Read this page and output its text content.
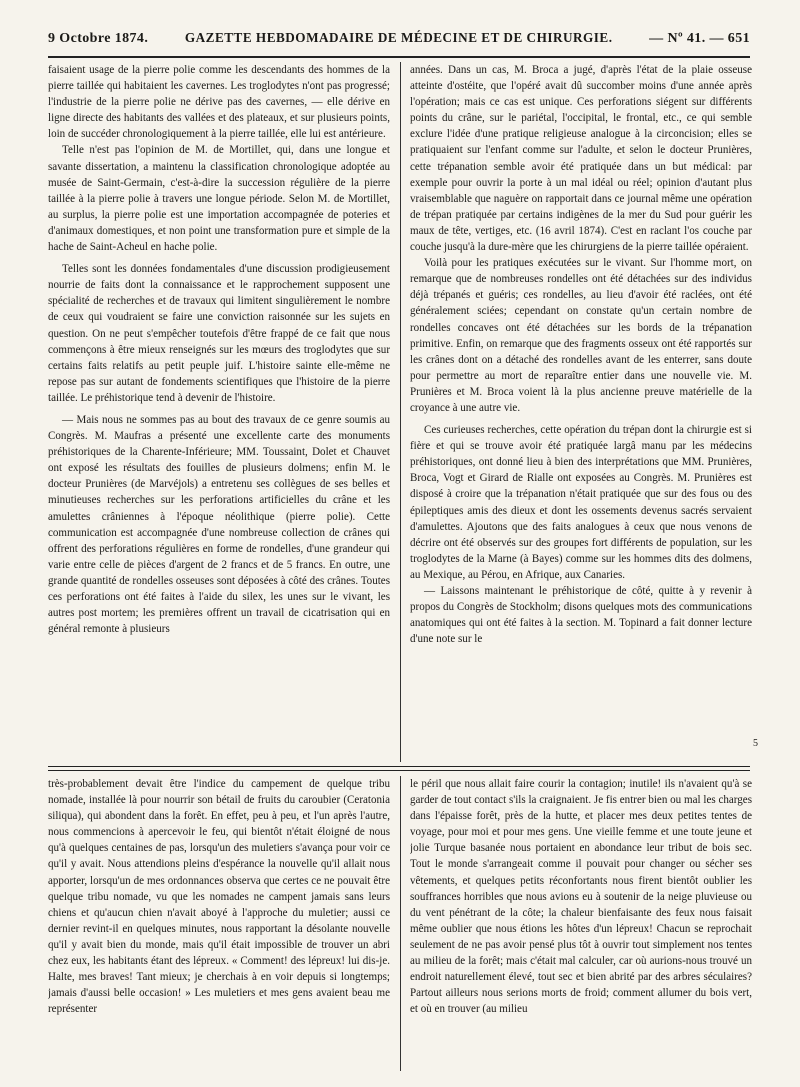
9 Octobre 1874.	GAZETTE HEBDOMADAIRE DE MÉDECINE ET DE CHIRURGIE.	— Nº 41. — 651

faisaient usage de la pierre polie comme les descendants des hommes de la pierre taillée qui habitaient les cavernes. Les troglodytes n'ont pas progressé; l'industrie de la pierre polie ne dérive pas des cavernes, — elle dérive en ligne directe des habitants des vallées et des plateaux, et sur plusieurs points, loin de succéder chronologiquement à la pierre taillée, elle lui est antérieure.

Telle n'est pas l'opinion de M. de Mortillet, qui, dans une longue et savante dissertation, a maintenu la classification chronologique adoptée au musée de Saint-Germain, c'est-à-dire la succession régulière de la pierre taillée à la pierre polie à travers une longue période. Selon M. de Mortillet, au surplus, la pierre polie est une importation accompagnée de poteries et d'animaux domestiques, et non point une transformation pure et simple de la hache de Saint-Acheul en hache polie.

Telles sont les données fondamentales d'une discussion prodigieusement nourrie de faits dont la connaissance et le rapprochement supposent une spécialité de recherches et de travaux qui limitent singulièrement le nombre de ceux qui voudraient se faire une conviction raisonnée sur les sujets en question. On ne peut s'empêcher toutefois d'être frappé de ce fait que nous commençons à être mieux renseignés sur les mœurs des troglodytes que sur certains faits relatifs au petit peuple juif. L'histoire sainte elle-même ne repose pas sur autant de fondements scientifiques que l'histoire de la pierre taillée. Le préhistorique tend à devenir de l'histoire.

— Mais nous ne sommes pas au bout des travaux de ce genre soumis au Congrès. M. Maufras a présenté une excellente carte des monuments préhistoriques de la Charente-Inférieure; MM. Toussaint, Dolet et Chauvet ont exposé les résultats des fouilles de plusieurs dolmens; enfin M. le docteur Prunières (de Marvéjols) a entretenu ses collègues de ses belles et minutieuses recherches sur les perforations artificielles du crâne et les amulettes crâniennes à l'époque néolithique (pierre polie). Cette communication est accompagnée d'une nombreuse collection de crânes qui offrent des perforations régulières en forme de rondelles, d'une grandeur qui varie entre celle de pièces d'argent de 2 francs et de 5 francs. En outre, une grande quantité de rondelles osseuses sont déposées à côté des crânes. Toutes ces perforations ont été faites à l'aide du silex, les unes sur le vivant, les autres post mortem; les premières offrent un travail de cicatrisation qui en général remonte à plusieurs

années. Dans un cas, M. Broca a jugé, d'après l'état de la plaie osseuse atteinte d'ostéite, que l'opéré avait dû succomber moins d'une année après l'opération; mais ce cas est unique. Ces perforations siégent sur différents points du crâne, sur le pariétal, l'occipital, le frontal, etc., ce qui semble exclure l'idée d'une pratique religieuse analogue à la circoncision; elles se pratiquaient sur l'enfant comme sur l'adulte, et selon le docteur Prunières, cette trépanation semble avoir été pratiquée dans un but médical: par exemple pour ouvrir la porte à un mal idéal ou réel; opinion d'autant plus vraisemblable que naguère on rapportait dans ce journal même une opération de trépan pratiquée par certains indigènes de la mer du Sud pour guérir les maux de tête, vertiges, etc. (16 avril 1874). C'est en raclant l'os couche par couche jusqu'à la dure-mère que les chirurgiens de la pierre taillée opéraient.

Voilà pour les pratiques exécutées sur le vivant. Sur l'homme mort, on remarque que de nombreuses rondelles ont été détachées sur des individus déjà trépanés et guéris; ces rondelles, au lieu d'avoir été raclées, ont été généralement sciées; cependant on constate qu'un certain nombre de rondelles concaves ont été détachées sur les bords de la trépanation primitive. Enfin, on remarque que des fragments osseux ont été rapportés sur les crânes dont on a détaché des rondelles avant de les enterrer, sans doute pour permettre au mort de reparaître entier dans une nouvelle vie. M. Prunières et M. Broca voient là la plus ancienne preuve matérielle de la croyance à une autre vie.

Ces curieuses recherches, cette opération du trépan dont la chirurgie est si fière et qui se trouve avoir été pratiquée largâ manu par les médecins préhistoriques, ont donné lieu à bien des interprétations que MM. Prunières, Broca, Vogt et Girard de Rialle ont exposées au Congrès. M. Prunières est disposé à croire que la trépanation n'était pratiquée que sur des fous ou des épileptiques amis des dieux et dont les ossements devenus sacrés servaient d'amulettes. Ajoutons que des faits analogues à ceux que nous venons de décrire ont été observés sur des groupes fort différents de population, sur les troglodytes de la Marne (à Bayes) comme sur les hommes dits des dolmens, au Mexique, au Pérou, en Afrique, aux Canaries.

— Laissons maintenant le préhistorique de côté, quitte à y revenir à propos du Congrès de Stockholm; disons quelques mots des communications anatomiques qui ont été faites à la section. M. Topinard a fait donner lecture d'une note sur le

5

très-probablement devait être l'indice du campement de quelque tribu nomade, installée là pour nourrir son bétail de fruits du caroubier (Ceratonia siliqua), qui abondent dans la forêt. En effet, peu à peu, et l'un après l'autre, nous commencions à apercevoir le feu, qui bientôt n'était éloigné de nous qu'à quelques centaines de pas, lorsqu'un des muletiers s'avança pour voir ce qu'il y avait. Nous attendions pleins d'espérance la nouvelle qu'il allait nous apporter, lorsqu'un de mes ordonnances observa que certes ce ne pouvait être quelque tribu nomade, vu que les nomades ne campent jamais sans leurs chiens et qu'aucun chien n'avait aboyé à l'approche du muletier; aussi ce dernier revint-il en quelques minutes, nous rapportant la désolante nouvelle qu'il y avait bien du monde, mais qu'il était impossible de trouver un abri chez eux, les habitants étant des lépreux. « Comment! des lépreux! lui dis-je. Halte, mes braves! Tant mieux; je cherchais à en voir depuis si longtemps; jamais d'aussi belle occasion! » Les muletiers et mes gens avaient beau me représenter

le péril que nous allait faire courir la contagion; inutile! ils n'avaient qu'à se garder de tout contact s'ils la craignaient. Je fis entrer bien ou mal les charges dans l'épaisse forêt, près de la hutte, et placer mes deux petites tentes de voyage, pour moi et pour mes gens. Une vieille femme et une toute jeune et jolie Turque basanée nous portaient en abondance leur tribut de bois sec. Tout le monde s'arrangeait comme il pouvait pour changer ou sécher ses vêtements, et quelques petits réconfortants nous firent bientôt oublier les souffrances horribles que nous avions eu à soutenir de la neige pluvieuse ou du vent pénétrant de la côte; la chaleur bienfaisante des feux nous faisait même oublier que nous étions les hôtes d'un lépreux! Chacun se reprochait seulement de ne pas avoir pensé plus tôt à ouvrir tout simplement nos tentes au milieu de la forêt; mais c'était mal calculer, car où aurions-nous trouvé un endroit naturellement élevé, tout sec et bien abrité par des arbres séculaires? Partout ailleurs nous serions morts de froid; comment allumer du bois vert, et où en trouver (au milieu
